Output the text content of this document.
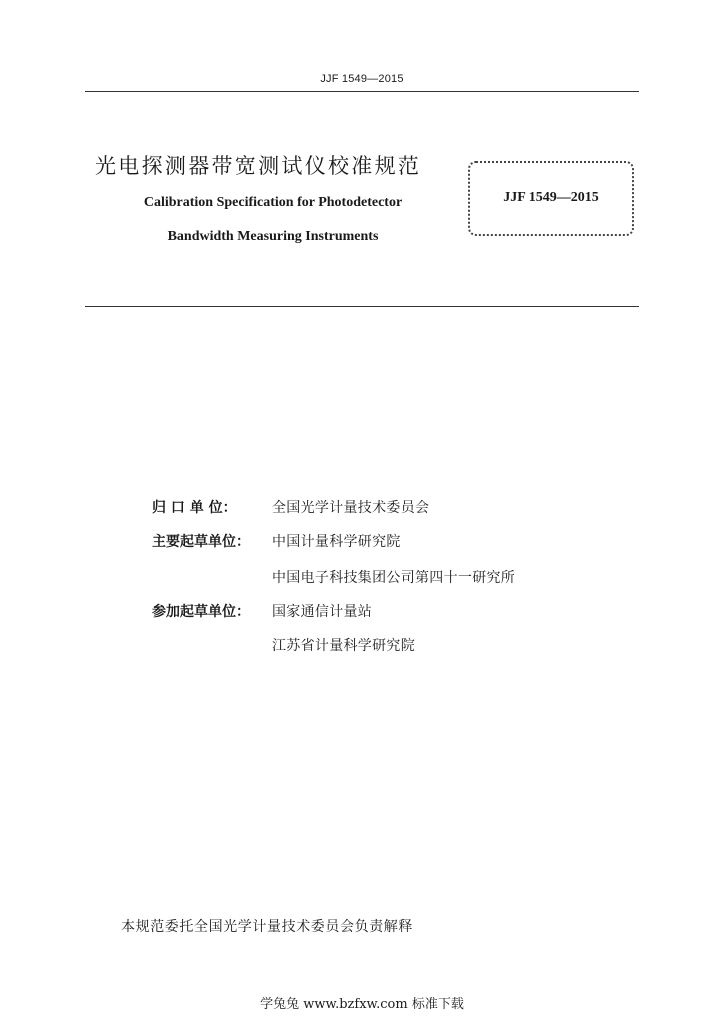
JJF 1549—2015
光电探测器带宽测试仪校准规范
Calibration Specification for Photodetector
Bandwidth Measuring Instruments
JJF 1549—2015
归 口 单 位：	全国光学计量技术委员会
主要起草单位：	中国计量科学研究院
中国电子科技集团公司第四十一研究所
参加起草单位：	国家通信计量站
江苏省计量科学研究院
本规范委托全国光学计量技术委员会负责解释
学兔兔 www.bzfxw.com 标准下载
